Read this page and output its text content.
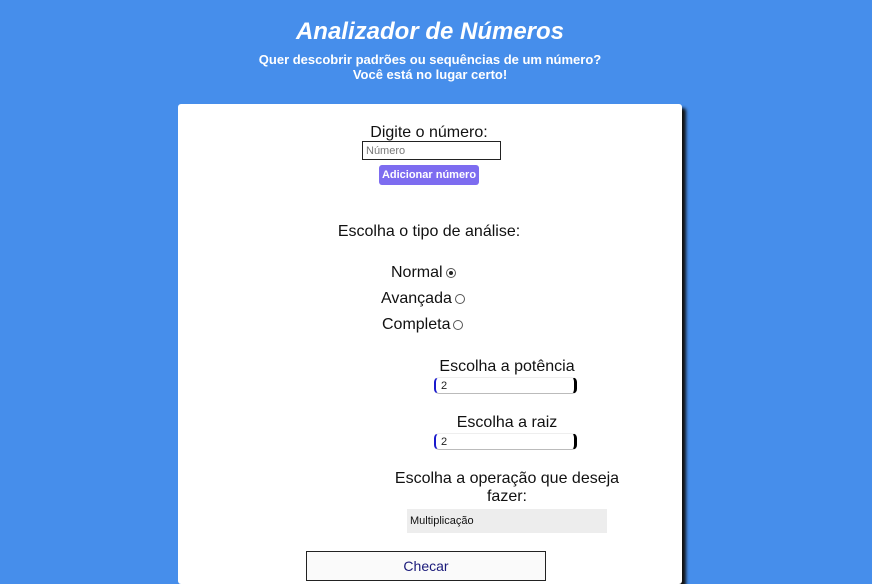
Analizador de Números
Quer descobrir padrões ou sequências de um número?
Você está no lugar certo!
Digite o número:
Número
Adicionar número
Escolha o tipo de análise:
Normal
Avançada
Completa
Escolha a potência
2
Escolha a raiz
2
Escolha a operação que deseja
fazer:
Multiplicação
Checar
